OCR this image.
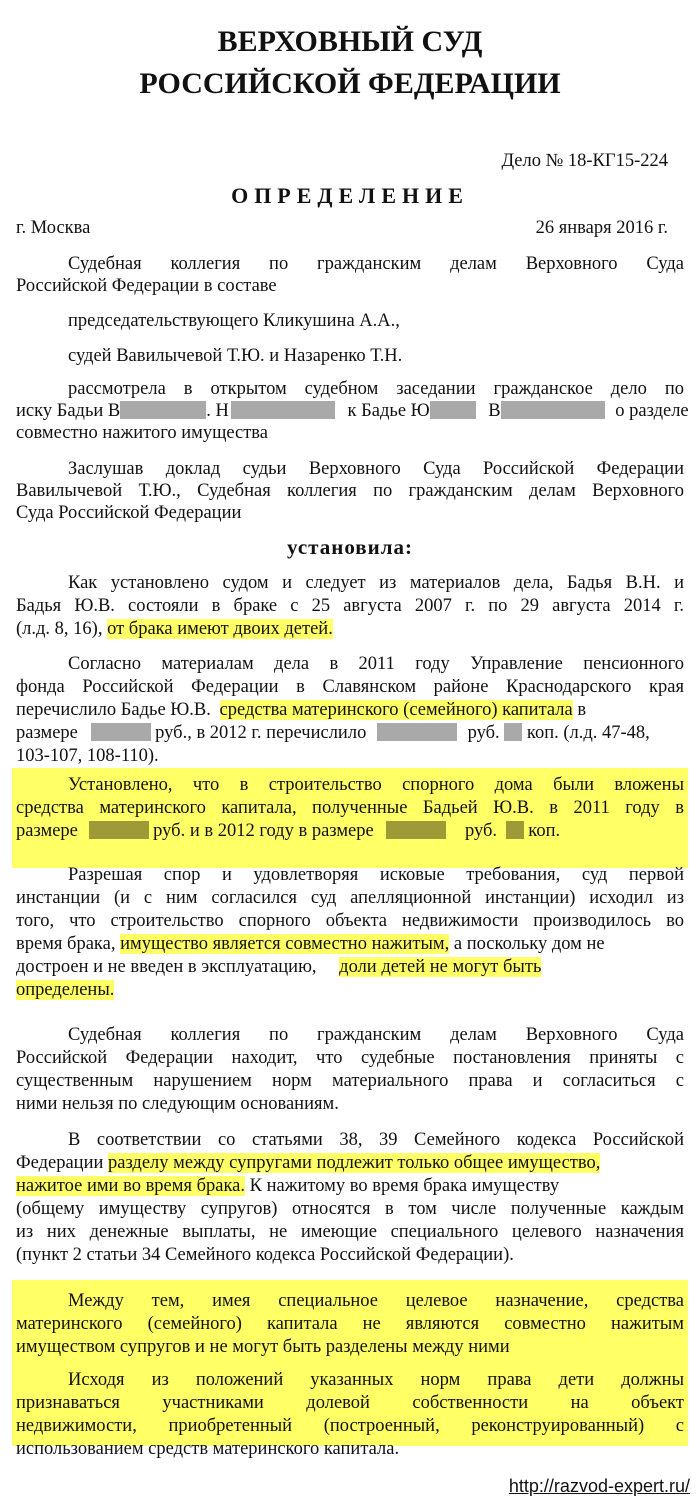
ВЕРХОВНЫЙ СУД
РОССИЙСКОЙ ФЕДЕРАЦИИ
Дело № 18-КГ15-224
ОПРЕДЕЛЕНИЕ
г. Москва	26 января 2016 г.
Судебная коллегия по гражданским делам Верховного Суда
Российской Федерации в составе
председательствующего Кликушина А.А.,
судей Вавилычевой Т.Ю. и Назаренко Т.Н.
рассмотрела в открытом судебном заседании гражданское дело по
иску Бадьи В	. Н	к Бадье Ю	В	о разделе
совместно нажитого имущества
Заслушав доклад судьи Верховного Суда Российской Федерации
Вавилычевой Т.Ю., Судебная коллегия по гражданским делам Верховного
Суда Российской Федерации
установила:
Как установлено судом и следует из материалов дела, Бадья В.Н. и
Бадья Ю.В. состояли в браке с 25 августа 2007 г. по 29 августа 2014 г.
(л.д. 8, 16), от брака имеют двоих детей.
Согласно материалам дела в 2011 году Управление пенсионного
фонда Российской Федерации в Славянском районе Краснодарского края
перечислило Бадье Ю.В. средства материнского (семейного) капитала в
размере	руб., в 2012 г. перечислило	руб. коп. (л.д. 47-48,
103-107, 108-110).
Установлено, что в строительство спорного дома были вложены
средства материнского капитала, полученные Бадьей Ю.В. в 2011 году в
размере	руб. и в 2012 году в размере	руб. коп.
Разрешая спор и удовлетворяя исковые требования, суд первой
инстанции (и с ним согласился суд апелляционной инстанции) исходил из
того, что строительство спорного объекта недвижимости производилось во
время брака, имущество является совместно нажитым, а поскольку дом не
достроен и не введен в эксплуатацию, доли детей не могут быть
определены.
Судебная коллегия по гражданским делам Верховного Суда
Российской Федерации находит, что судебные постановления приняты с
существенным нарушением норм материального права и согласиться с
ними нельзя по следующим основаниям.
В соответствии со статьями 38, 39 Семейного кодекса Российской
Федерации разделу между супругами подлежит только общее имущество,
нажитое ими во время брака. К нажитому во время брака имуществу
(общему имуществу супругов) относятся в том числе полученные каждым
из них денежные выплаты, не имеющие специального целевого назначения
(пункт 2 статьи 34 Семейного кодекса Российской Федерации).
Между тем, имея специальное целевое назначение, средства
материнского (семейного) капитала не являются совместно нажитым
имуществом супругов и не могут быть разделены между ними
Исходя из положений указанных норм права дети должны
признаваться участниками долевой собственности на объект
недвижимости, приобретенный (построенный, реконструированный) с
использованием средств материнского капитала.
http://razvod-expert.ru/
